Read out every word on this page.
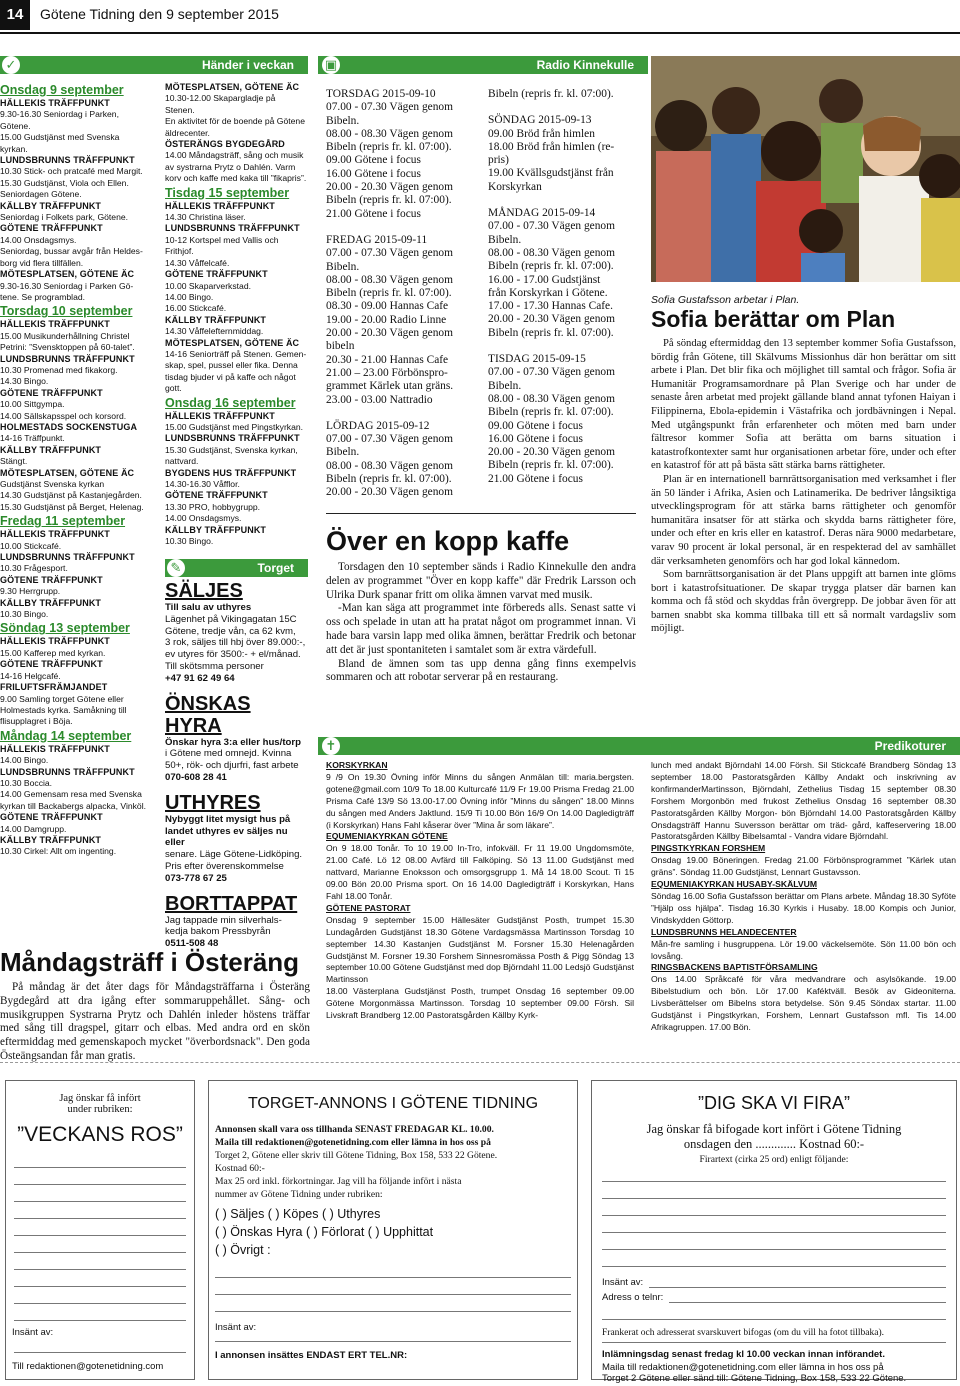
14	Götene Tidning den 9 september 2015
✓	Händer i veckan
Onsdag 9 september
HÄLLEKIS TRÄFFPUNKT
9.30-16.30 Seniordag i Parken,
Götene.
15.00 Gudstjänst med Svenska
kyrkan.
LUNDSBRUNNS TRÄFFPUNKT
10.30 Stick- och pratcafé med Margit.
15.30 Gudstjänst, Viola och Ellen.
Seniordagen Götene.
KÄLLBY TRÄFFPUNKT
Seniordag i Folkets park, Götene.
GÖTENE TRÄFFPUNKT
14.00 Onsdagsmys.
Seniordag, bussar avgår från Heldes-
borg vid flera tillfällen.
MÖTESPLATSEN, GÖTENE ÄC
9.30-16.30 Seniordag i Parken Gö-
tene. Se programblad.
Torsdag 10 september
HÄLLEKIS TRÄFFPUNKT
15.00 Musikunderhållning Christel
Petrini: ”Svensktoppen på 60-talet”.
LUNDSBRUNNS TRÄFFPUNKT
10.30 Promenad med fikakorg.
14.30 Bingo.
GÖTENE TRÄFFPUNKT
10.00 Sittgympa.
14.00 Sällskapsspel och korsord.
HOLMESTADS SOCKENSTUGA
14-16 Träffpunkt.
KÄLLBY TRÄFFPUNKT
Stängt.
MÖTESPLATSEN, GÖTENE ÄC
Gudstjänst Svenska kyrkan
14.30 Gudstjänst på Kastanjegården.
15.30 Gudstjänst på Berget, Helenag.
Fredag 11 september
HÄLLEKIS TRÄFFPUNKT
10.00 Stickcafé.
LUNDSBRUNNS TRÄFFPUNKT
10.30 Frågesport.
GÖTENE TRÄFFPUNKT
9.30 Herrgrupp.
KÄLLBY TRÄFFPUNKT
10.30 Bingo.
Söndag 13 september
HÄLLEKIS TRÄFFPUNKT
15.00 Kafferep med kyrkan.
GÖTENE TRÄFFPUNKT
14-16 Helgcafé.
FRILUFTSFRÄMJANDET
9.00 Samling torget Götene eller
Holmestads kyrka. Samåkning till
flisupplagret i Böja.
Måndag 14 september
HÄLLEKIS TRÄFFPUNKT
14.00 Bingo.
LUNDSBRUNNS TRÄFFPUNKT
10.30 Boccia.
14.00 Gemensam resa med Svenska
kyrkan till Backabergs alpacka, Vinköl.
GÖTENE TRÄFFPUNKT
14.00 Damgrupp.
KÄLLBY TRÄFFPUNKT
10.30 Cirkel: Allt om ingenting.
MÖTESPLATSEN, GÖTENE ÄC
10.30-12.00 Skapargladje på Stenen.
En aktivitet för de boende på Götene
äldrecenter.
ÖSTERÄNGS BYGDEGÅRD
14.00 Måndagsträff, sång och musik
av systrarna Prytz o Dahlén. Varm
korv och kaffe med kaka till ”fikapris”.
Tisdag 15 september
HÄLLEKIS TRÄFFPUNKT
14.30 Christina läser.
LUNDSBRUNNS TRÄFFPUNKT
10-12 Kortspel med Vallis och Frithjof.
14.30 Våffelcafé.
GÖTENE TRÄFFPUNKT
10.00 Skaparverkstad.
14.00 Bingo.
16.00 Stickcafé.
KÄLLBY TRÄFFPUNKT
14.30 Våffelefternmiddag.
MÖTESPLATSEN, GÖTENE ÄC
14-16 Seniorträff på Stenen. Gemen-
skap, spel, pussel eller fika. Denna
tisdag bjuder vi på kaffe och något
gott.
Onsdag 16 september
HÄLLEKIS TRÄFFPUNKT
15.00 Gudstjänst med Pingstkyrkan.
LUNDSBRUNNS TRÄFFPUNKT
15.30 Gudstjänst, Svenska kyrkan,
nattvard.
BYGDENS HUS TRÄFFPUNKT
14.30-16.30 Våfflor.
GÖTENE TRÄFFPUNKT
13.30 PRO, hobbygrupp.
14.00 Onsdagsmys.
KÄLLBY TRÄFFPUNKT
10.30 Bingo.
✎	Torget
SÄLJES
Till salu av uthyres
Lägenhet på Vikingagatan 15C
Götene, tredje vån, ca 62 kvm,
3 rok, säljes till hbj över 89.000:-,
ev utyres för 3500:- + el/månad.
Till skötsmma personer
+47 91 62 49 64
ÖNSKAS HYRA
Önskar hyra 3:a eller hus/torp
i Götene med omnejd. Kvinna
50+, rök- och djurfri, fast arbete
070-608 28 41
UTHYRES
Nybyggt litet mysigt hus på
landet uthyres ev säljes nu eller
senare. Läge Götene-Lidköping.
Pris efter överenskommelse
073-778 67 25
BORTTAPPAT
Jag tappade min silverhals-
kedja bakom Pressbyrån
0511-508 48
▣	Radio Kinnekulle
TORSDAG 2015-09-10
07.00 - 07.30 Vägen genom
Bibeln.
08.00 - 08.30 Vägen genom
Bibeln (repris fr. kl. 07:00).
09.00 Götene i focus
16.00 Götene i focus
20.00 - 20.30 Vägen genom
Bibeln (repris fr. kl. 07:00).
21.00 Götene i focus
FREDAG 2015-09-11
07.00 - 07.30 Vägen genom
Bibeln.
08.00 - 08.30 Vägen genom
Bibeln (repris fr. kl. 07:00).
08.30 - 09.00 Hannas Cafe
19.00 - 20.00 Radio Linne
20.00 - 20.30 Vägen genom
bibeln
20.30 - 21.00 Hannas Cafe
21.00 – 23.00 Förbönspro-
grammet Kärlek utan gräns.
23.00 - 03.00 Nattradio
LÖRDAG 2015-09-12
07.00 - 07.30 Vägen genom
Bibeln.
08.00 - 08.30 Vägen genom
Bibeln (repris fr. kl. 07:00).
20.00 - 20.30 Vägen genom
Bibeln (repris fr. kl. 07:00).
SÖNDAG 2015-09-13
09.00 Bröd från himlen
18.00 Bröd från himlen (re-
pris)
19.00 Kvällsgudstjänst från
Korskyrkan
MÅNDAG 2015-09-14
07.00 - 07.30 Vägen genom
Bibeln.
08.00 - 08.30 Vägen genom
Bibeln (repris fr. kl. 07:00).
16.00 - 17.00 Gudstjänst
från Korskyrkan i Götene.
17.00 - 17.30 Hannas Cafe.
20.00 - 20.30 Vägen genom
Bibeln (repris fr. kl. 07:00).
TISDAG 2015-09-15
07.00 - 07.30 Vägen genom
Bibeln.
08.00 - 08.30 Vägen genom
Bibeln (repris fr. kl. 07:00).
09.00 Götene i focus
16.00 Götene i focus
20.00 - 20.30 Vägen genom
Bibeln (repris fr. kl. 07:00).
21.00 Götene i focus
Över en kopp kaffe

Torsdagen den 10 september sänds i Radio Kinnekulle den andra delen av programmet "Över en kopp kaffe" där Fredrik Larsson och Ulrika Durk spanar fritt om olika ämnen varvat med musik.

-Man kan säga att programmet inte förbereds alls. Senast satte vi oss och spelade in utan att ha pratat något om programmet innan. Vi hade bara varsin lapp med olika ämnen, berättar Fredrik och betonar att det är just spontaniteten i samtalet som är extra värdefull.

Bland de ämnen som tas upp denna gång finns exempelvis sommaren och att robotar serverar på en restaurang.

Sofia Gustafsson arbetar i Plan.
Sofia berättar om Plan

På söndag eftermiddag den 13 september kommer Sofia Gustafsson, bördig från Götene, till Skälvums Missionhus där hon berättar om sitt arbete i Plan. Det blir fika och möjlighet till samtal och frågor. Sofia är Humanitär Programsamordnare på Plan Sverige och har under de senaste åren arbetat med projekt gällande bland annat tyfonen Haiyan i Filippinerna, Ebola-epidemin i Västafrika och jordbävningen i Nepal. Med utgångspunkt från erfarenheter och möten med barn under fältresor kommer Sofia att berätta om barns situation i katastrofkontexter samt hur organisationen arbetar före, under och efter en katastrof för att på bästa sätt stärka barns rättigheter.

Plan är en internationell barnrättsorganisation med verksamhet i fler än 50 länder i Afrika, Asien och Latinamerika. De bedriver långsiktiga utvecklingsprogram för att stärka barns rättigheter och genomför humanitära insatser för att stärka och skydda barns rättigheter före, under och efter en kris eller en katastrof. Deras nära 9000 medarbetare, varav 90 procent är lokal personal, är en respekterad del av samhället där verksamheten genomförs och har god lokal kännedom.

Som barnrättsorganisation är det Plans uppgift att barnen inte glöms bort i katastrofsituationer. De skapar trygga platser där barnen kan komma och få stöd och skyddas från övergrepp. De jobbar även för att barnen snabbt ska komma tillbaka till ett så normalt vardagsliv som möjligt.

Måndagsträff i Österäng

På måndag är det åter dags för Måndagsträffarna i Österäng Bygdegård att dra igång efter sommaruppehållet. Sång- och musikgruppen Systrarna Prytz och Dahlén inleder höstens träffar med sång till dragspel, gitarr och elbas. Med andra ord en skön eftermiddag med gemenskapoch mycket "överbordsnack". Den goda Östeängsandan får man gratis.

✝	Predikoturer
KORSKYRKAN
9 /9 On 19.30 Övning inför Minns du sången Anmälan till: maria.bergsten. gotene@gmail.com 10/9 To 18.00 Kulturcafé 11/9 Fr 19.00 Prisma Fredag 21.00 Prisma Café 13/9 Sö 13.00-17.00 Övning inför ”Minns du sången” 18.00 Minns du sången med Anders Jaktlund. 15/9 Ti 10.00 Bön 16/9 On 14.00 Dagledigträff (i Korskyrkan) Hans Fahl kåserar över ”Mina år som läkare”.
EQUMENIAKYRKAN GÖTENE
On 9 18.00 Tonår. To 10 19.00 In-Tro, infokväll. Fr 11 19.00 Ungdomsmöte, 21.00 Café. Lö 12 08.00 Avfärd till Falköping. Sö 13 11.00 Gudstjänst med nattvard, Marianne Enoksson och omsorgsgrupp 1. Må 14 18.00 Scout. Ti 15 09.00 Bön 20.00 Prisma sport. On 16 14.00 Dagledigträff i Korskyrkan, Hans Fahl 18.00 Tonår.
GÖTENE PASTORAT
Onsdag 9 september 15.00 Hällesäter Gudstjänst Posth, trumpet 15.30 Lundagården Gudstjänst 18.30 Götene Vardagsmässa Martinsson Torsdag 10 september 14.30 Kastanjen Gudstjänst M. Forsner 15.30 Helenagården Gudstjänst M. Forsner 19.30 Forshem Sinnesromässa Posth & Pigg Söndag 13 september 10.00 Götene Gudstjänst med dop Björndahl 11.00 Ledsjö Gudstjänst Martinsson
18.00 Västerplana Gudstjänst Posth, trumpet Onsdag 16 september 09.00 Götene Morgonmässa Martinsson. Torsdag 10 september 09.00 Försh. Sil Livskraft Brandberg 12.00 Pastoratsgården Källby Kyrk-
lunch med andakt Björndahl 14.00 Försh. Sil Stickcafé Brandberg Söndag 13 september 18.00 Pastoratsgården Källby Andakt och inskrivning av konfirmanderMartinsson, Björndahl, Zethelius Tisdag 15 september 08.30 Forshem Morgonbön med frukost Zethelius Onsdag 16 september 08.30 Pastoratsgården Källby Morgon- bön Björndahl 14.00 Pastoratsgården Källby Onsdagsträff Hannu Suversson berättar om träd- gård, kaffeservering 18.00 Pastoratsgården Källby Bibelsamtal - Vandra vidare Björndahl.
PINGSTKYRKAN FORSHEM
Onsdag 19.00 Böneringen. Fredag 21.00 Förbönsprogrammet ”Kärlek utan gräns”. Söndag 11.00 Gudstjänst, Lennart Gustavsson.
EQUMENIAKYRKAN HUSABY-SKÄLVUM
Söndag 16.00 Sofia Gustafsson berättar om Plans arbete. Måndag 18.30 Syföte ”Hjälp oss hjälpa”. Tisdag 16.30 Kyrkis i Husaby. 18.00 Kompis och Junior, Vindskydden Göttorp.
LUNDSBRUNNS HELANDECENTER
Mån-fre samling i husgruppena. Lör 19.00 väckelsemöte. Sön 11.00 bön och lovsång.
RINGSBACKENS BAPTISTFÖRSAMLING
Ons 14.00 Språkcafé för våra medvandrare och asylsökande. 19.00 Bibelstudium och bön. Lör 17.00 Kaféktväll. Besök av Gideoniterna. Livsberättelser om Bibelns stora betydelse. Sön 9.45 Söndax startar. 11.00 Gudstjänst i Pingstkyrkan, Forshem, Lennart Gustafsson mfl. Tis 14.00 Afrikagruppen. 17.00 Bön.
Jag önskar få infört
under rubriken:
”VECKANS ROS”
Insänt av:
Till redaktionen@gotenetidning.com
TORGET-ANNONS I GÖTENE TIDNING
Annonsen skall vara oss tillhanda SENAST FREDAGAR KL. 10.00.
Maila till redaktionen@gotenetidning.com eller lämna in hos oss på
Torget 2, Götene eller skriv till Götene Tidning, Box 158, 533 22 Götene.
Kostnad 60:-
Max 25 ord inkl. förkortningar. Jag vill ha följande infört i nästa
nummer av Götene Tidning under rubriken:
( ) Säljes ( ) Köpes ( ) Uthyres
( ) Önskas Hyra ( ) Förlorat ( ) Upphittat
( ) Övrigt :
Insänt av:
I annonsen insättes ENDAST ERT TEL.NR:
”DIG SKA VI FIRA”
Jag önskar få bifogade kort infört i Götene Tidning
onsdagen den ............. Kostnad 60:-
Firartext (cirka 25 ord) enligt följande:
Insänt av:
Adress o telnr:
Frankerat och adresserat svarskuvert bifogas (om du vill ha fotot tillbaka).
Inlämningsdag senast fredag kl 10.00 veckan innan införandet.
Maila till redaktionen@gotenetidning.com eller lämna in hos oss på
Torget 2 Götene eller sänd till: Götene Tidning, Box 158, 533 22 Götene.
